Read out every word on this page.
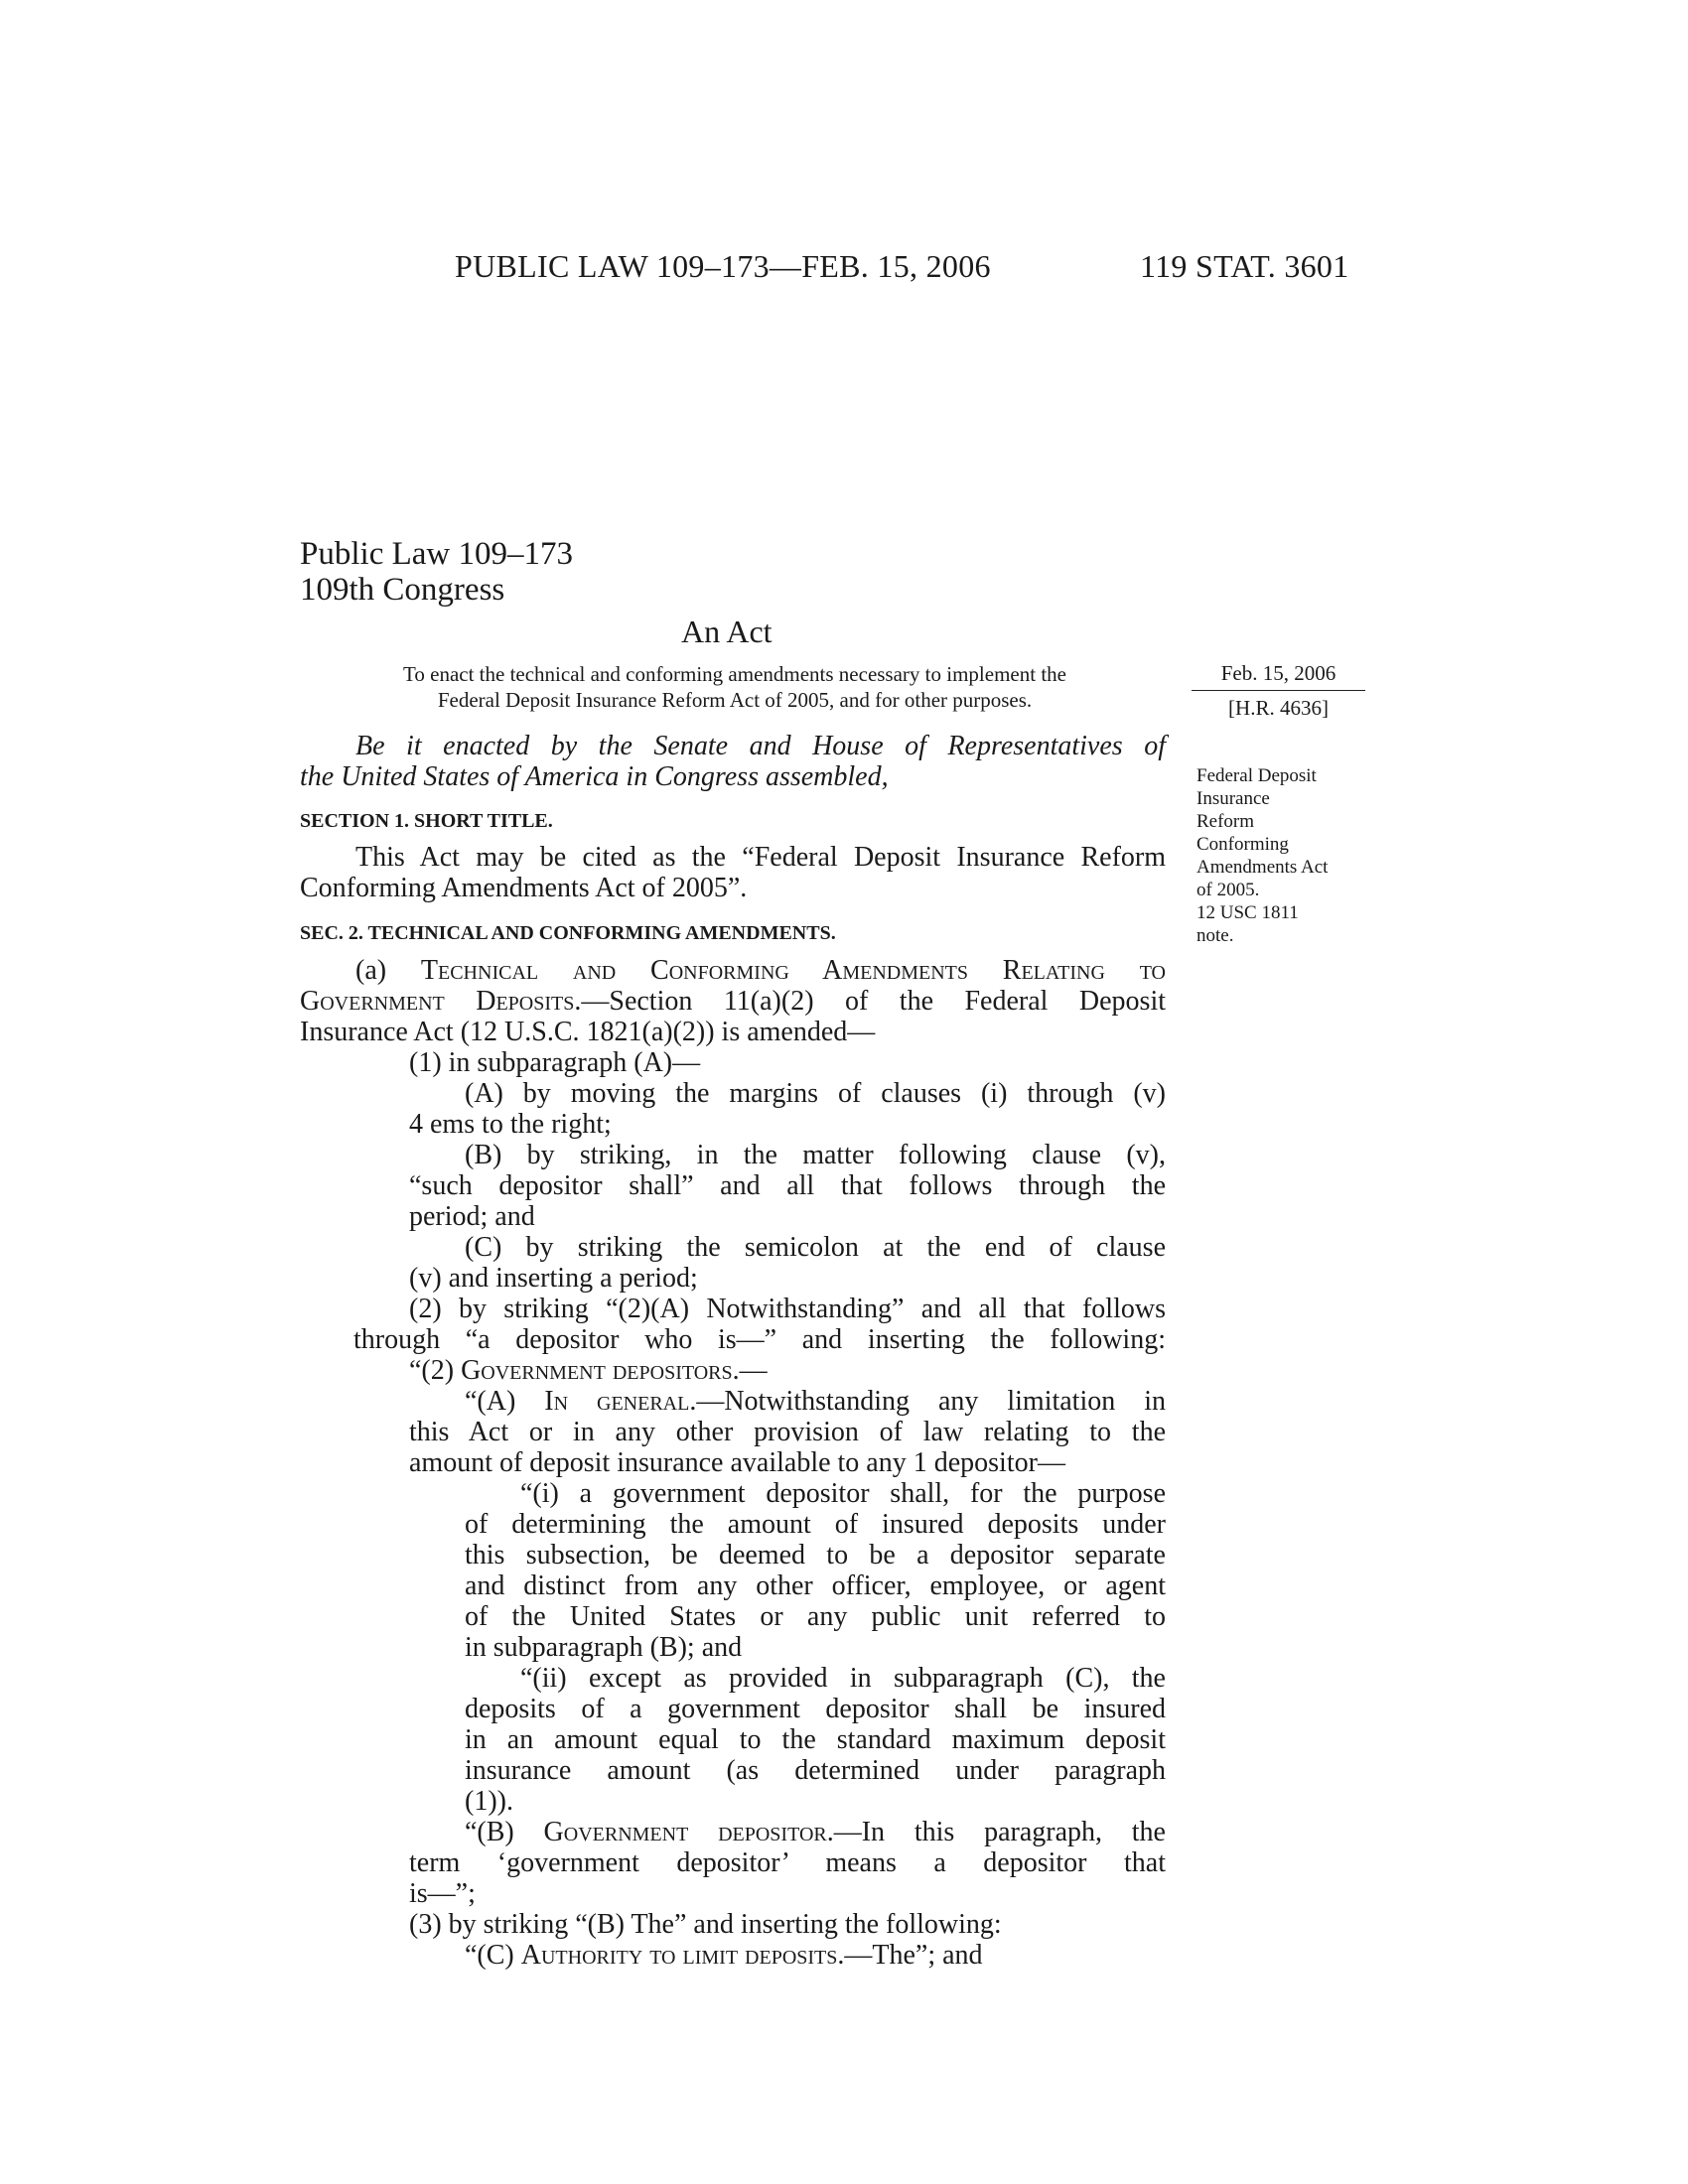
PUBLIC LAW 109–173—FEB. 15, 2006	119 STAT. 3601
Public Law 109–173
109th Congress
An Act
To enact the technical and conforming amendments necessary to implement the
Federal Deposit Insurance Reform Act of 2005, and for other purposes.
Feb. 15, 2006
[H.R. 4636]
Federal Deposit
Insurance
Reform
Conforming
Amendments Act
of 2005.
12 USC 1811
note.
Be it enacted by the Senate and House of Representatives of
the United States of America in Congress assembled,
SECTION 1. SHORT TITLE.
This Act may be cited as the “Federal Deposit Insurance Reform
Conforming Amendments Act of 2005”.
SEC. 2. TECHNICAL AND CONFORMING AMENDMENTS.
(a) Technical and Conforming Amendments Relating to
Government Deposits.—Section 11(a)(2) of the Federal Deposit
Insurance Act (12 U.S.C. 1821(a)(2)) is amended—
(1) in subparagraph (A)—
(A) by moving the margins of clauses (i) through (v)
4 ems to the right;
(B) by striking, in the matter following clause (v),
“such depositor shall” and all that follows through the
period; and
(C) by striking the semicolon at the end of clause
(v) and inserting a period;
(2) by striking “(2)(A) Notwithstanding” and all that follows
through “a depositor who is—” and inserting the following:
“(2) Government depositors.—
“(A) In general.—Notwithstanding any limitation in
this Act or in any other provision of law relating to the
amount of deposit insurance available to any 1 depositor—
“(i) a government depositor shall, for the purpose
of determining the amount of insured deposits under
this subsection, be deemed to be a depositor separate
and distinct from any other officer, employee, or agent
of the United States or any public unit referred to
in subparagraph (B); and
“(ii) except as provided in subparagraph (C), the
deposits of a government depositor shall be insured
in an amount equal to the standard maximum deposit
insurance amount (as determined under paragraph
(1)).
“(B) Government depositor.—In this paragraph, the
term ‘government depositor’ means a depositor that
is—”;
(3) by striking “(B) The” and inserting the following:
“(C) Authority to limit deposits.—The”; and
